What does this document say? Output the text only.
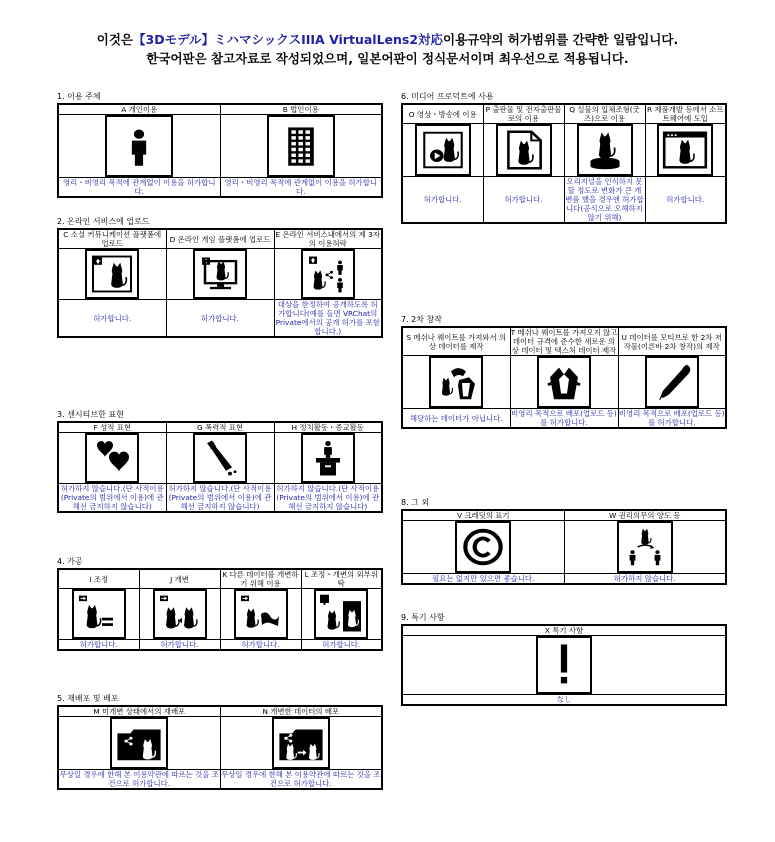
이것은【3Dモデル】ミハマシックスIIIA VirtualLens2対応이용규약의 허가범위를 간략한 일람입니다.
한국어판은 참고자료로 작성되었으며, 일본어판이 정식문서이며 최우선으로 적용됩니다.
1. 이용 주체
A 개인이용	B 법인이용

영리・비영리 목적에 관계없이 이용을 허가합니다.	영리・비영리 목적에 관계없이 이용을 허가합니다.
2. 온라인 서비스에 업로드
C 소셜 커뮤니케이션 플랫폼에 업로드	D 온라인 게임 플랫폼에 업로드	E 온라인 서비스내에서의 제 3자의 이용허락

허가합니다.	허가합니다.	대상을 한정하여 공개하도록 허가합니다(예를 들면 VRChat의 Private에서의 공개 허가를 포함합니다.)
3. 센시티브한 표현
F 성적 표현	G 폭력적 표현	H 정치활동・종교활동

허가하지 않습니다.(단 사적이용(Private의 범위에서 이용)에 관해선 금지하지 않습니다)	허가하지 않습니다.(단 사적이용(Private의 범위에서 이용)에 관해선 금지하지 않습니다)	허가하지 않습니다.(단 사적이용(Private의 범위에서 이용)에 관해선 금지하지 않습니다)
4. 가공
I 조정	J 개변	K 다른 데이터를 개변하기 위해 이용	L 조정・개변의 외부위탁

허가합니다.	허가합니다.	허가합니다.	허가합니다.
5. 재배포 및 배포
M 미개변 상태에서의 재배포	N 개변한 데이터의 배포

무상일 경우에 한해 본 이용약관에 따르는 것을 조건으로 허가합니다.	무상일 경우에 한해 본 이용약관에 따르는 것을 조건으로 허가합니다.
6. 미디어 프로덕트에 사용
O 영상・방송에 이용	P 출판물 및 전자출판물로의 이용	Q 실물의 입체조형(굿즈)으로 이용	R 제품개발 등에서 소프트웨어에 도입

허가합니다.	허가합니다.	오리지널을 인식하지 못할 정도로 변화가 큰 개변품 했을 경우엔 허가합니다(공식으로 오해하지 않기 위해)	허가합니다.
7. 2차 창작
S 메쉬나 웨이트를 가져와서 의상 데이터를 제작	T 메쉬나 웨이트를 가져오지 않고 데이터 규격에 준수한 새로운 의상 데이터 및 텍스처 데이터 제작	U 데이터를 모티브로 한 2차 저작물(이른바 2차 창작)의 제작

해당하는 데이터가 아닙니다.	비영리 목적으로 배포(업로드 등)를 허가합니다.	비영리 목적으로 배포(업로드 등)를 허가합니다.
8. 그 외
V 크레딧의 표기	W 권리의무의 양도 등

필요는 없지만 있으면 좋습니다.	허가하지 않습니다.
9. 특기 사항
X 특기 사항

なし
